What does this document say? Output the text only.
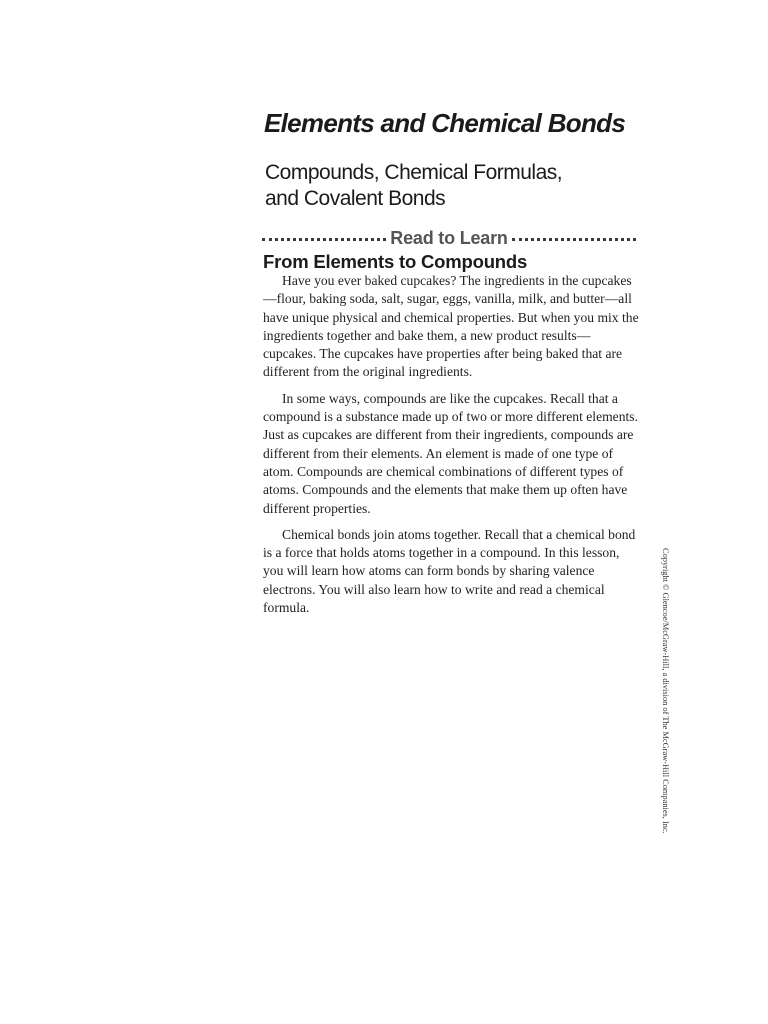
Elements and Chemical Bonds
Compounds, Chemical Formulas,
and Covalent Bonds
Read to Learn
From Elements to Compounds

Have you ever baked cupcakes? The ingredients in the cupcakes—flour, baking soda, salt, sugar, eggs, vanilla, milk, and butter—all have unique physical and chemical properties. But when you mix the ingredients together and bake them, a new product results—cupcakes. The cupcakes have properties after being baked that are different from the original ingredients.

In some ways, compounds are like the cupcakes. Recall that a compound is a substance made up of two or more different elements. Just as cupcakes are different from their ingredients, compounds are different from their elements. An element is made of one type of atom. Compounds are chemical combinations of different types of atoms. Compounds and the elements that make them up often have different properties.

Chemical bonds join atoms together. Recall that a chemical bond is a force that holds atoms together in a compound. In this lesson, you will learn how atoms can form bonds by sharing valence electrons. You will also learn how to write and read a chemical formula.	Copyright © Glencoe/McGraw-Hill, a division of The McGraw-Hill Companies, Inc.
